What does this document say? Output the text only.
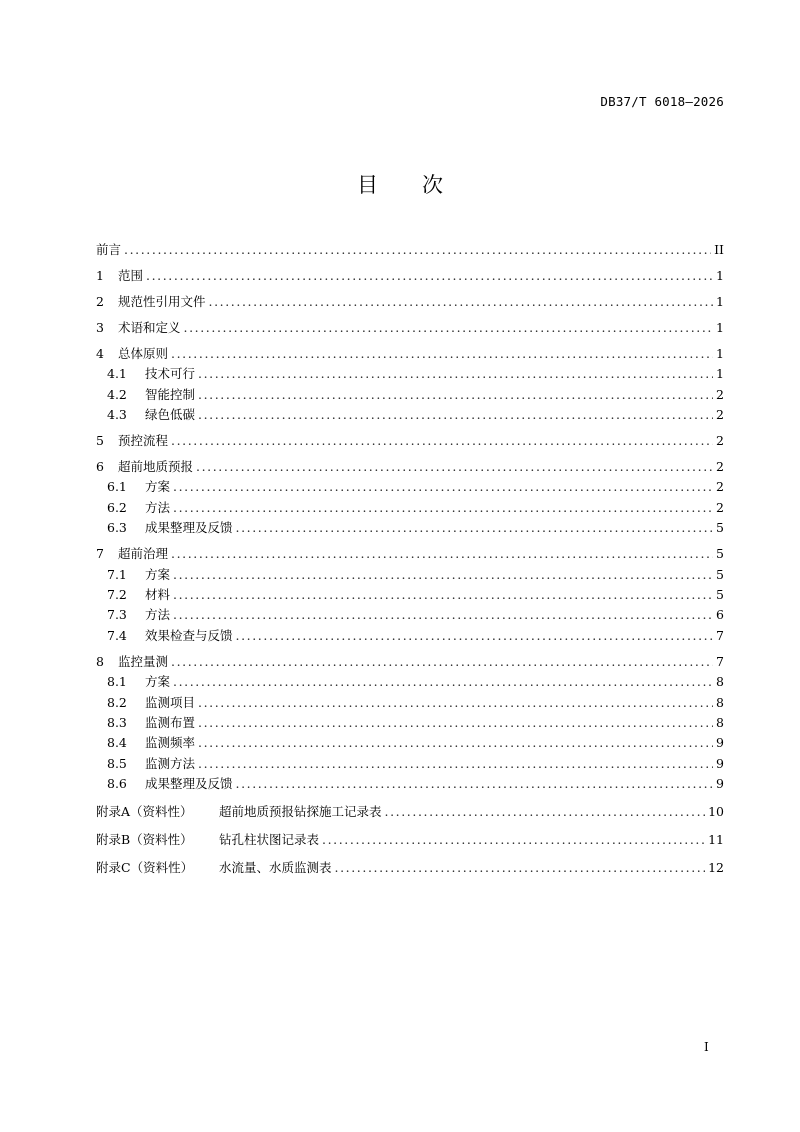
DB37/T 6018—2026
目 次
前言 .....	II
1	范围 .....	1
2	规范性引用文件 .....	1
3	术语和定义 .....	1
4	总体原则 .....	1
4.1	技术可行 .....	1
4.2	智能控制 .....	2
4.3	绿色低碳 .....	2
5	预控流程 .....	2
6	超前地质预报 .....	2
6.1	方案 .....	2
6.2	方法 .....	2
6.3	成果整理及反馈 .....	5
7	超前治理 .....	5
7.1	方案 .....	5
7.2	材料 .....	5
7.3	方法 .....	6
7.4	效果检查与反馈 .....	7
8	监控量测 .....	7
8.1	方案 .....	8
8.2	监测项目 .....	8
8.3	监测布置 .....	8
8.4	监测频率 .....	9
8.5	监测方法 .....	9
8.6	成果整理及反馈 .....	9
附录A（资料性）	超前地质预报钻探施工记录表 .....	10
附录B（资料性）	钻孔柱状图记录表 .....	11
附录C（资料性）	水流量、水质监测表 .....	12
I
